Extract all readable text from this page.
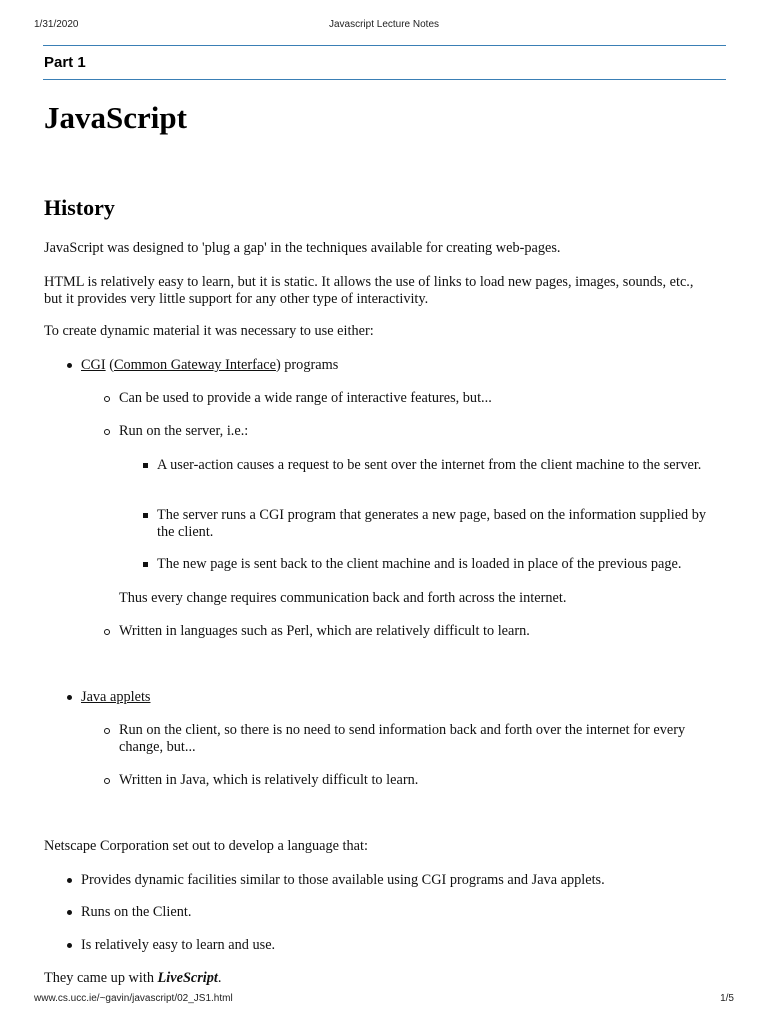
1/31/2020	Javascript Lecture Notes
Part 1
JavaScript
History

JavaScript was designed to 'plug a gap' in the techniques available for creating web-pages.

HTML is relatively easy to learn, but it is static. It allows the use of links to load new pages, images, sounds, etc., but it provides very little support for any other type of interactivity.

To create dynamic material it was necessary to use either:

CGI (Common Gateway Interface) programs
Can be used to provide a wide range of interactive features, but...
Run on the server, i.e.:
A user-action causes a request to be sent over the internet from the client machine to the server.
The server runs a CGI program that generates a new page, based on the information supplied by the client.
The new page is sent back to the client machine and is loaded in place of the previous page.

Thus every change requires communication back and forth across the internet.

Written in languages such as Perl, which are relatively difficult to learn.
Java applets
Run on the client, so there is no need to send information back and forth over the internet for every change, but...
Written in Java, which is relatively difficult to learn.

Netscape Corporation set out to develop a language that:

Provides dynamic facilities similar to those available using CGI programs and Java applets.
Runs on the Client.
Is relatively easy to learn and use.

They came up with LiveScript.

www.cs.ucc.ie/~gavin/javascript/02_JS1.html	1/5
